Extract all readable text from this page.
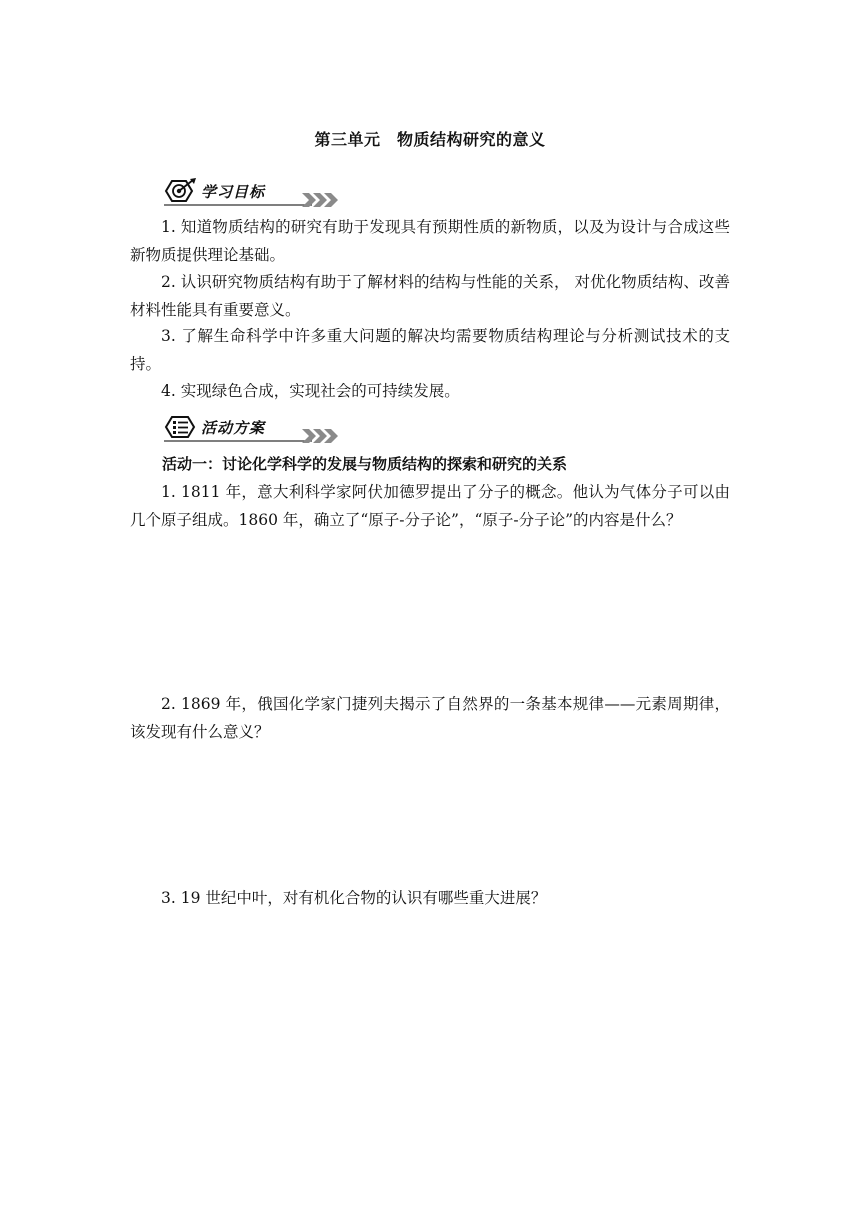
第三单元　物质结构研究的意义
学习目标

1. 知道物质结构的研究有助于发现具有预期性质的新物质，以及为设计与合成这些新物质提供理论基础。

2. 认识研究物质结构有助于了解材料的结构与性能的关系， 对优化物质结构、改善材料性能具有重要意义。

3. 了解生命科学中许多重大问题的解决均需要物质结构理论与分析测试技术的支持。

4. 实现绿色合成，实现社会的可持续发展。

活动方案
活动一：讨论化学科学的发展与物质结构的探索和研究的关系

1. 1811 年，意大利科学家阿伏加德罗提出了分子的概念。他认为气体分子可以由几个原子组成。1860 年，确立了“原子-分子论”，“原子-分子论”的内容是什么？

2. 1869 年，俄国化学家门捷列夫揭示了自然界的一条基本规律——元素周期律，该发现有什么意义？

3. 19 世纪中叶，对有机化合物的认识有哪些重大进展？
